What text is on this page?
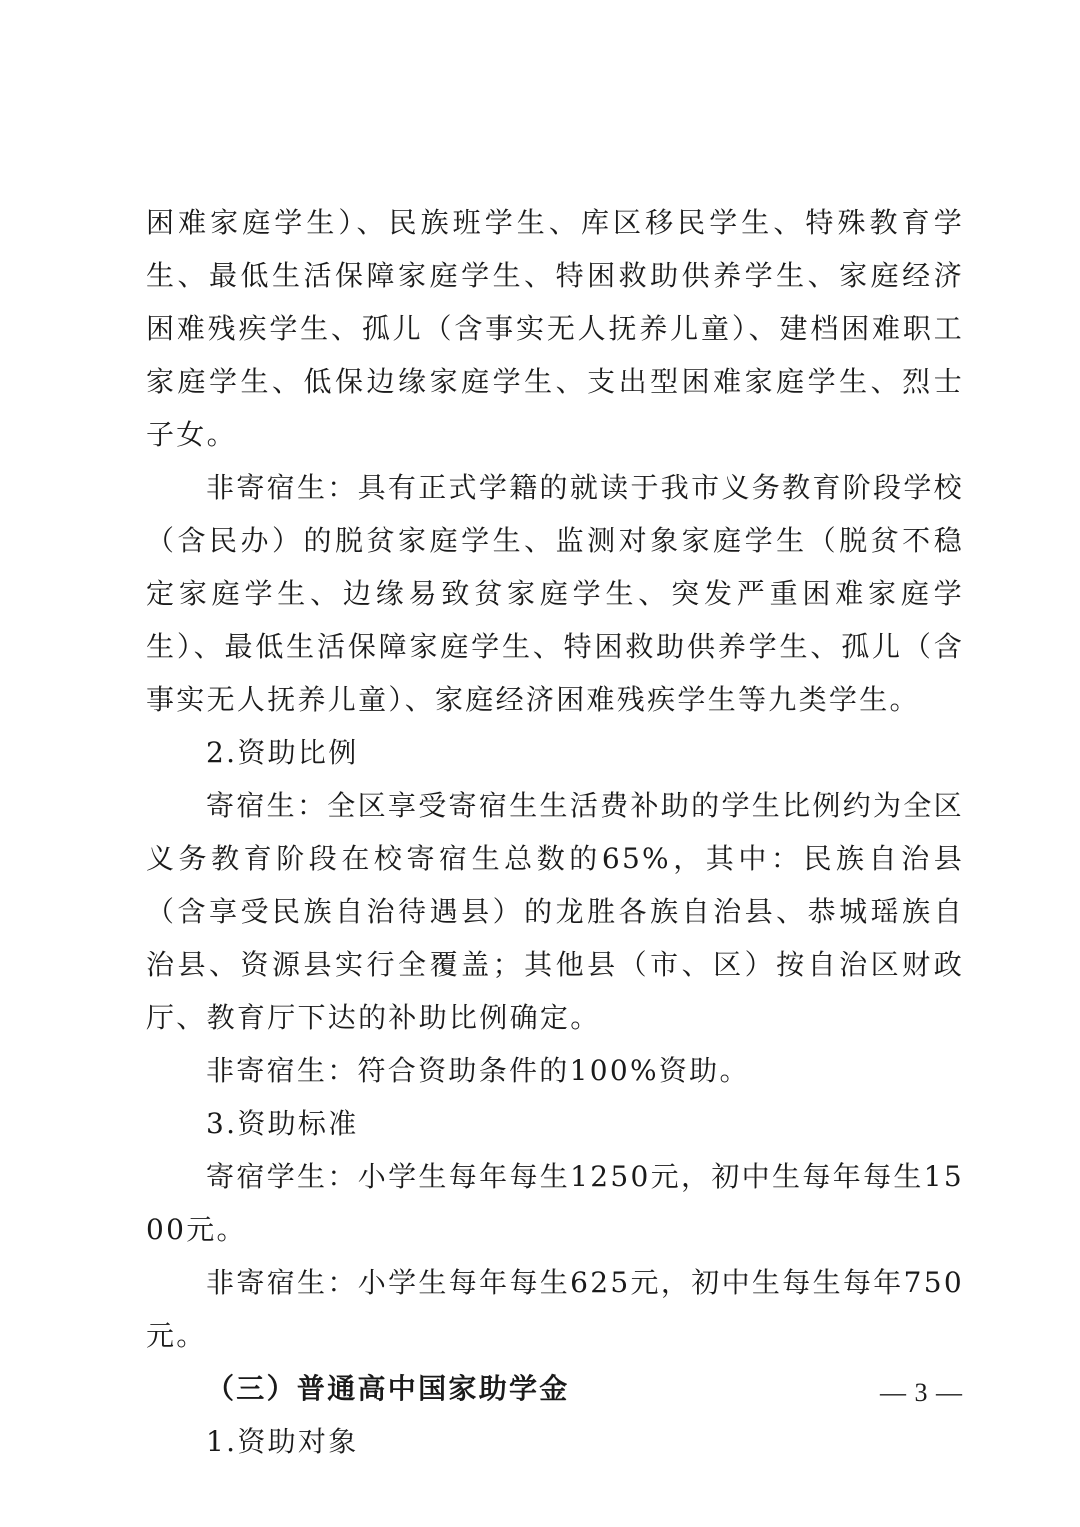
困难家庭学生）、民族班学生、库区移民学生、特殊教育学生、最低生活保障家庭学生、特困救助供养学生、家庭经济困难残疾学生、孤儿（含事实无人抚养儿童）、建档困难职工家庭学生、低保边缘家庭学生、支出型困难家庭学生、烈士子女。

非寄宿生：具有正式学籍的就读于我市义务教育阶段学校（含民办）的脱贫家庭学生、监测对象家庭学生（脱贫不稳定家庭学生、边缘易致贫家庭学生、突发严重困难家庭学生）、最低生活保障家庭学生、特困救助供养学生、孤儿（含事实无人抚养儿童）、家庭经济困难残疾学生等九类学生。

2.资助比例

寄宿生：全区享受寄宿生生活费补助的学生比例约为全区义务教育阶段在校寄宿生总数的65%，其中：民族自治县（含享受民族自治待遇县）的龙胜各族自治县、恭城瑶族自治县、资源县实行全覆盖；其他县（市、区）按自治区财政厅、教育厅下达的补助比例确定。

非寄宿生：符合资助条件的100%资助。

3.资助标准

寄宿学生：小学生每年每生1250元，初中生每年每生1500元。

非寄宿生：小学生每年每生625元，初中生每生每年750元。

（三）普通高中国家助学金

1.资助对象

— 3 —
